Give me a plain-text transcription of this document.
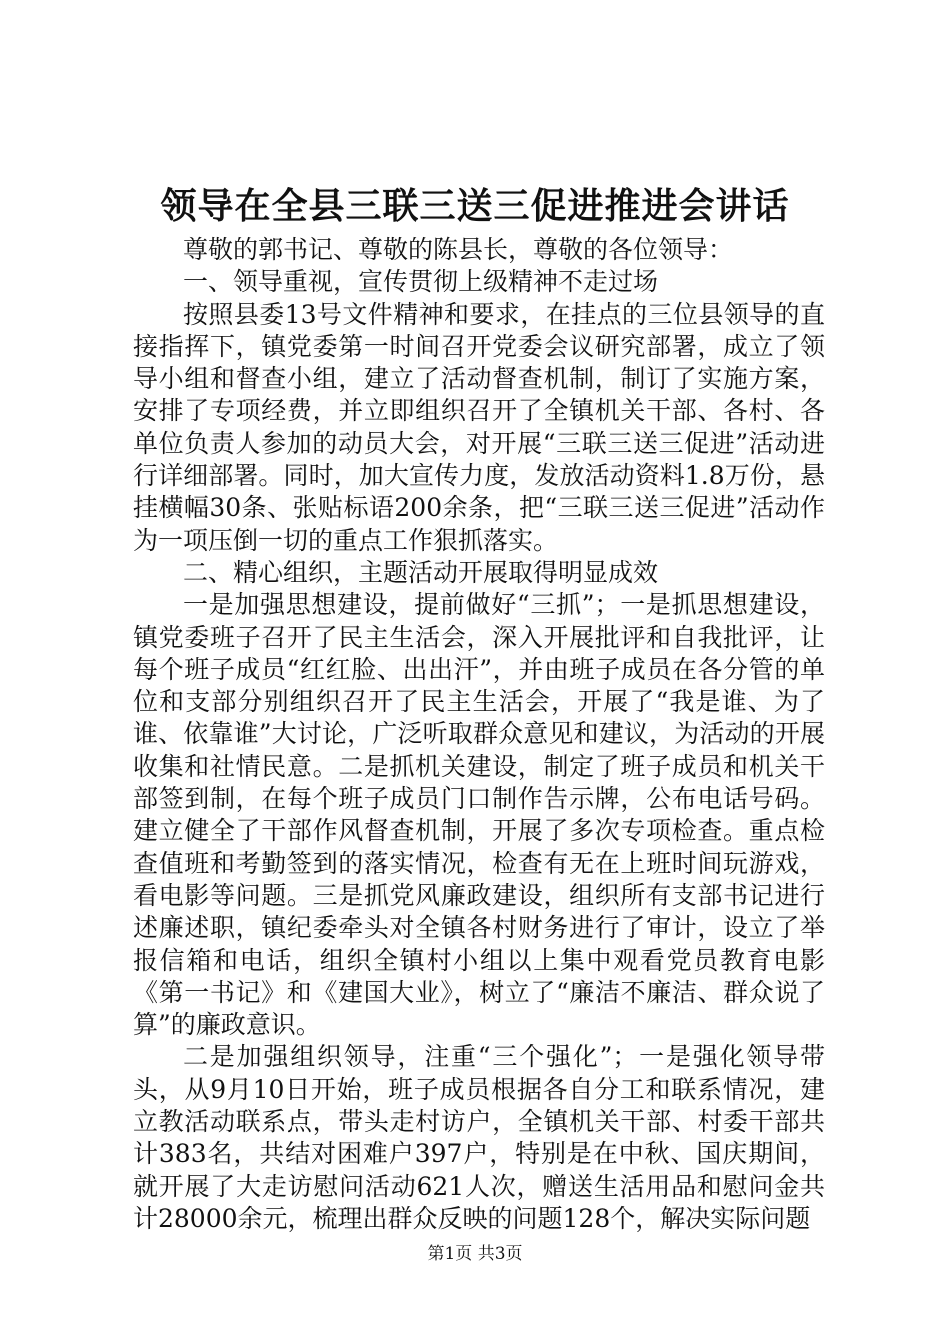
领导在全县三联三送三促进推进会讲话

尊敬的郭书记、尊敬的陈县长，尊敬的各位领导：

一、领导重视，宣传贯彻上级精神不走过场

按照县委13号文件精神和要求，在挂点的三位县领导的直接指挥下，镇党委第一时间召开党委会议研究部署，成立了领导小组和督查小组，建立了活动督查机制，制订了实施方案，安排了专项经费，并立即组织召开了全镇机关干部、各村、各单位负责人参加的动员大会，对开展“三联三送三促进”活动进行详细部署。同时，加大宣传力度，发放活动资料1.8万份，悬挂横幅30条、张贴标语200余条，把“三联三送三促进”活动作为一项压倒一切的重点工作狠抓落实。

二、精心组织，主题活动开展取得明显成效

一是加强思想建设，提前做好“三抓”；一是抓思想建设，镇党委班子召开了民主生活会，深入开展批评和自我批评，让每个班子成员“红红脸、出出汗”，并由班子成员在各分管的单位和支部分别组织召开了民主生活会，开展了“我是谁、为了谁、依靠谁”大讨论，广泛听取群众意见和建议，为活动的开展收集和社情民意。二是抓机关建设，制定了班子成员和机关干部签到制，在每个班子成员门口制作告示牌，公布电话号码。建立健全了干部作风督查机制，开展了多次专项检查。重点检查值班和考勤签到的落实情况，检查有无在上班时间玩游戏，看电影等问题。三是抓党风廉政建设，组织所有支部书记进行述廉述职，镇纪委牵头对全镇各村财务进行了审计，设立了举报信箱和电话，组织全镇村小组以上集中观看党员教育电影《第一书记》和《建国大业》，树立了“廉洁不廉洁、群众说了算”的廉政意识。

二是加强组织领导，注重“三个强化”；一是强化领导带头，从9月10日开始，班子成员根据各自分工和联系情况，建立教活动联系点，带头走村访户，全镇机关干部、村委干部共计383名，共结对困难户397户，特别是在中秋、国庆期间，就开展了大走访慰问活动621人次，赠送生活用品和慰问金共计28000余元，梳理出群众反映的问题128个，解决实际问题

第1页 共3页
